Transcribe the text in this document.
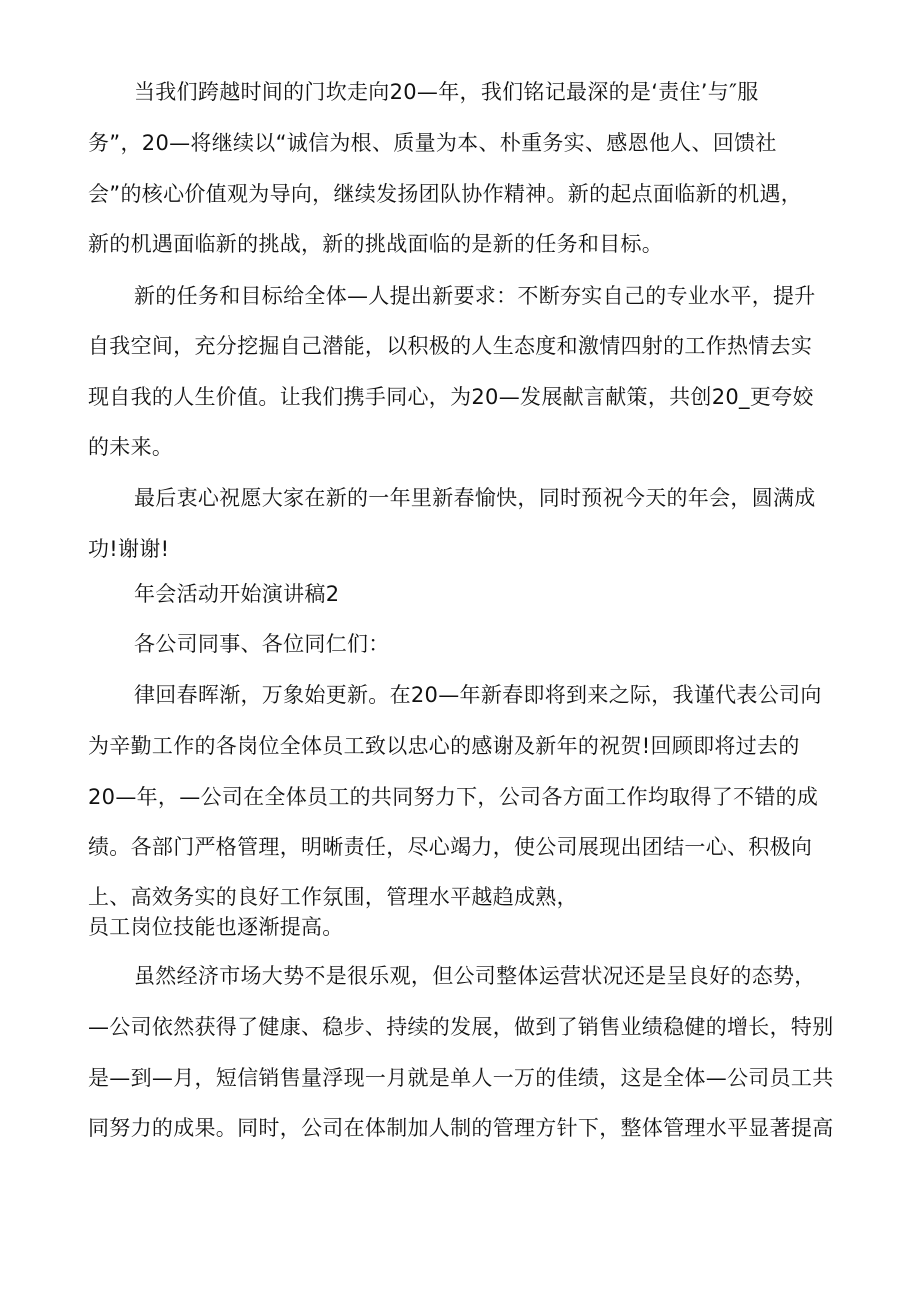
当我们跨越时间的门坎走向20—年，我们铭记最深的是‘责住’与″服

务”，20—将继续以“诚信为根、质量为本、朴重务实、感恩他人、回馈社

会”的核心价值观为导向，继续发扬团队协作精神。新的起点面临新的机遇，

新的机遇面临新的挑战，新的挑战面临的是新的任务和目标。

新的任务和目标给全体—人提出新要求：不断夯实自己的专业水平，提升

自我空间，充分挖掘自己潜能，以积极的人生态度和激情四射的工作热情去实

现自我的人生价值。让我们携手同心，为20—发展献言献策，共创20_更夸姣

的未来。

最后衷心祝愿大家在新的一年里新春愉快，同时预祝今天的年会，圆满成

功!谢谢!

年会活动开始演讲稿2

各公司同事、各位同仁们：

律回春晖渐，万象始更新。在20—年新春即将到来之际，我谨代表公司向

为辛勤工作的各岗位全体员工致以忠心的感谢及新年的祝贺!回顾即将过去的

20—年，—公司在全体员工的共同努力下，公司各方面工作均取得了不错的成

绩。各部门严格管理，明晰责任，尽心竭力，使公司展现出团结一心、积极向

上、高效务实的良好工作氛围，管理水平越趋成熟，

员工岗位技能也逐渐提高。

虽然经济市场大势不是很乐观，但公司整体运营状况还是呈良好的态势，

—公司依然获得了健康、稳步、持续的发展，做到了销售业绩稳健的增长，特别

是—到—月，短信销售量浮现一月就是单人一万的佳绩，这是全体—公司员工共

同努力的成果。同时，公司在体制加人制的管理方针下，整体管理水平显著提高
